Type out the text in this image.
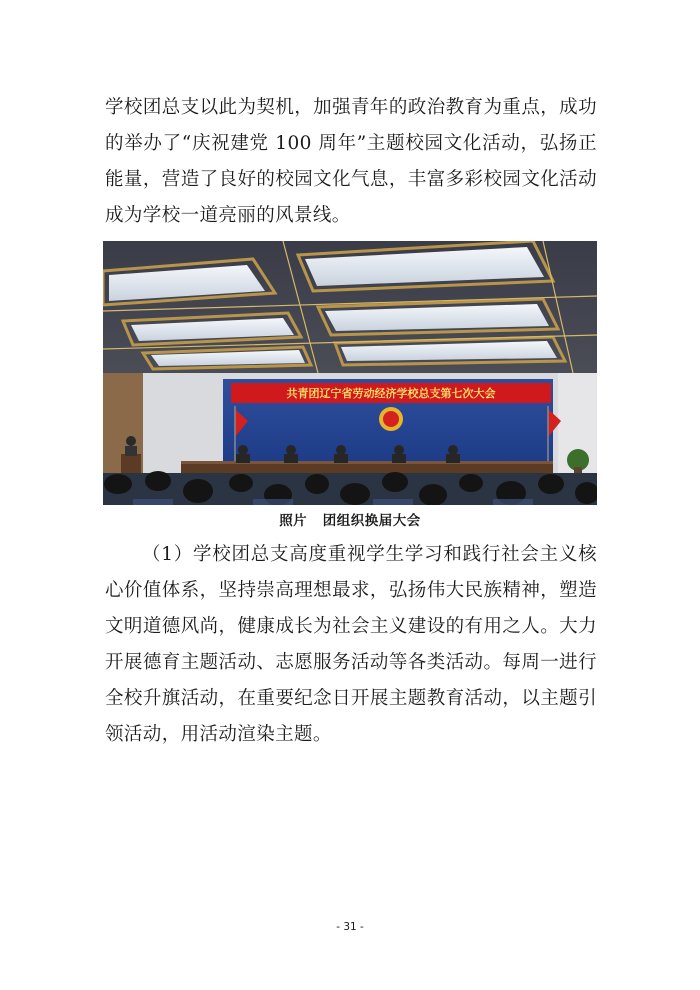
学校团总支以此为契机，加强青年的政治教育为重点，成功的举办了“庆祝建党 100 周年”主题校园文化活动，弘扬正能量，营造了良好的校园文化气息，丰富多彩校园文化活动成为学校一道亮丽的风景线。

共青团辽宁省劳动经济学校总支第七次大会
照片   团组织换届大会

（1）学校团总支高度重视学生学习和践行社会主义核心价值体系，坚持崇高理想最求，弘扬伟大民族精神，塑造文明道德风尚，健康成长为社会主义建设的有用之人。大力开展德育主题活动、志愿服务活动等各类活动。每周一进行全校升旗活动，在重要纪念日开展主题教育活动，以主题引领活动，用活动渲染主题。

- 31 -
